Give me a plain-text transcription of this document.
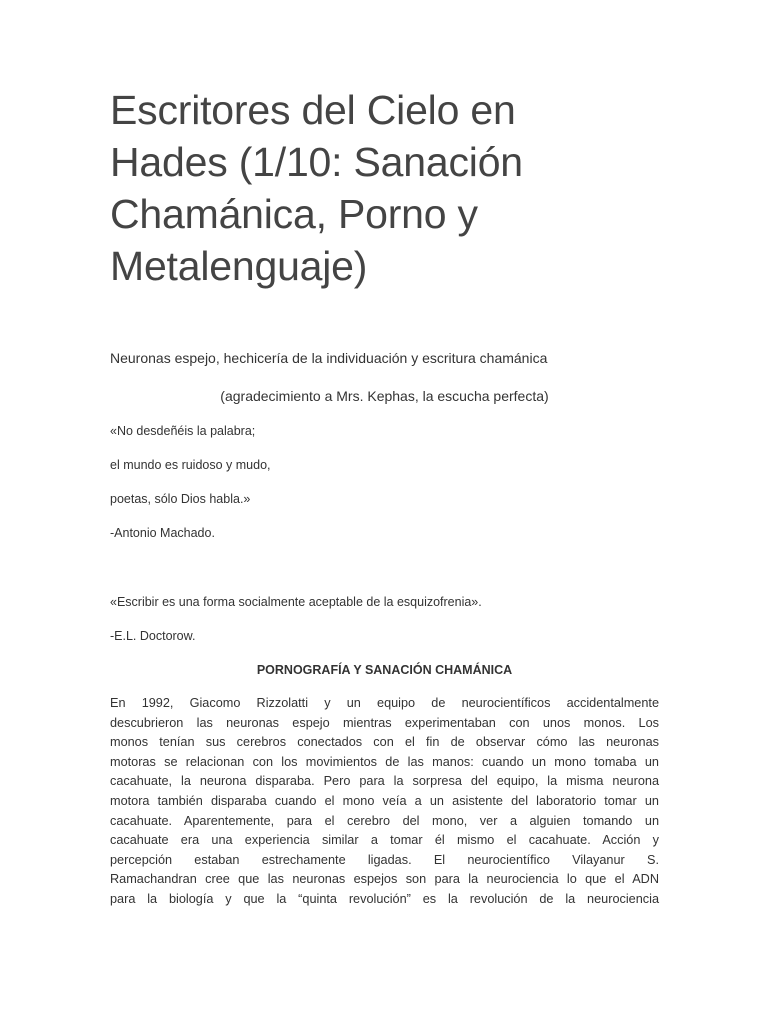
Escritores del Cielo en
Hades (1/10: Sanación
Chamánica, Porno y
Metalenguaje)
Neuronas espejo, hechicería de la individuación y escritura chamánica
(agradecimiento a Mrs. Kephas, la escucha perfecta)
«No desdeñéis la palabra;
el mundo es ruidoso y mudo,
poetas, sólo Dios habla.»
-Antonio Machado.
«Escribir es una forma socialmente aceptable de la esquizofrenia».
-E.L. Doctorow.
PORNOGRAFÍA Y SANACIÓN CHAMÁNICA
En 1992, Giacomo Rizzolatti y un equipo de neurocientíficos accidentalmente
descubrieron las neuronas espejo mientras experimentaban con unos monos. Los
monos tenían sus cerebros conectados con el fin de observar cómo las neuronas
motoras se relacionan con los movimientos de las manos: cuando un mono tomaba un
cacahuate, la neurona disparaba. Pero para la sorpresa del equipo, la misma neurona
motora también disparaba cuando el mono veía a un asistente del laboratorio tomar un
cacahuate. Aparentemente, para el cerebro del mono, ver a alguien tomando un
cacahuate era una experiencia similar a tomar él mismo el cacahuate. Acción y
percepción estaban estrechamente ligadas. El neurocientífico Vilayanur S.
Ramachandran cree que las neuronas espejos son para la neurociencia lo que el ADN
para la biología y que la “quinta revolución” es la revolución de la neurociencia
